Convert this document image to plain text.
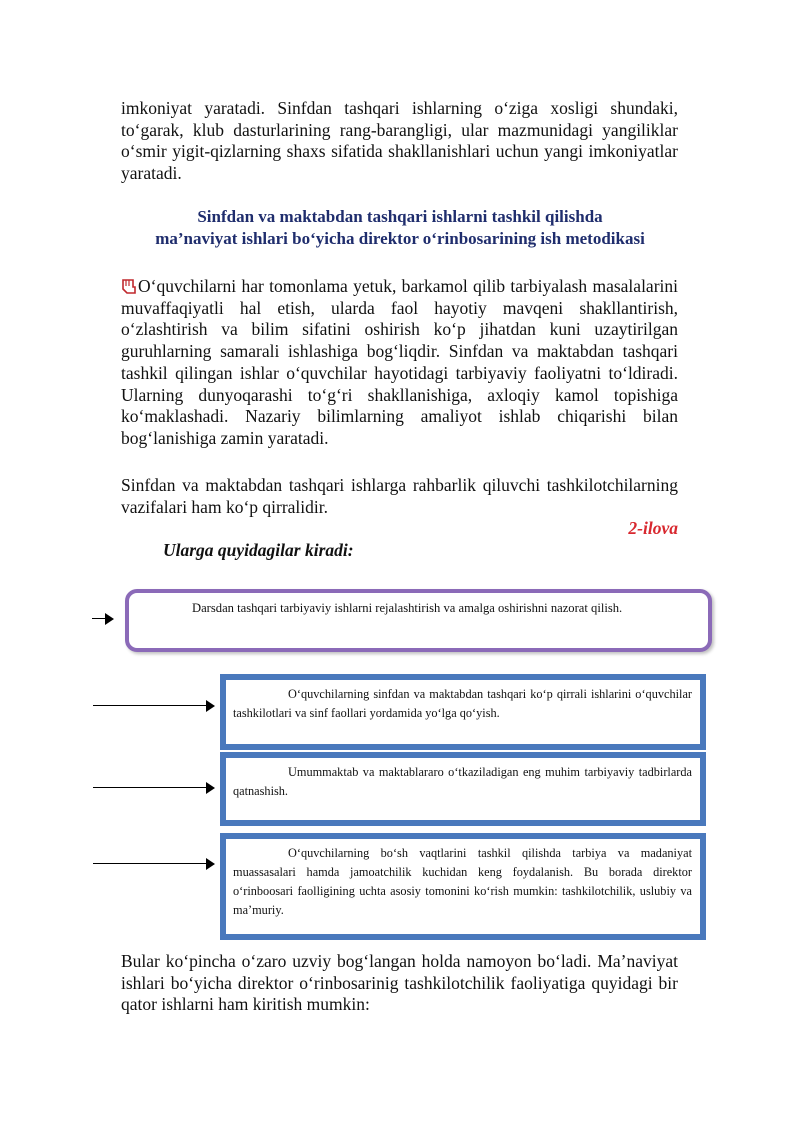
imkoniyat yaratadi. Sinfdan tashqari ishlarning o‘ziga xosligi shundaki, to‘garak, klub dasturlarining rang-barangligi, ular mazmunidagi yangiliklar o‘smir yigit-qizlarning shaxs sifatida shakllanishlari uchun yangi imkoniyatlar yaratadi.
Sinfdan va maktabdan tashqari ishlarni tashkil qilishda
ma’naviyat ishlari bo‘yicha direktor o‘rinbosarining ish metodikasi
O‘quvchilarni har tomonlama yetuk, barkamol qilib tarbiyalash masalalarini muvaffaqiyatli hal etish, ularda faol hayotiy mavqeni shakllantirish, o‘zlashtirish va bilim sifatini oshirish ko‘p jihatdan kuni uzaytirilgan guruhlarning samarali ishlashiga bog‘liqdir. Sinfdan va maktabdan tashqari tashkil qilingan ishlar o‘quvchilar hayotidagi tarbiyaviy faoliyatni to‘ldiradi. Ularning dunyoqarashi to‘g‘ri shakllanishiga, axloqiy kamol topishiga ko‘maklashadi. Nazariy bilimlarning amaliyot ishlab chiqarishi bilan bog‘lanishiga zamin yaratadi.
Sinfdan va maktabdan tashqari ishlarga rahbarlik qiluvchi tashkilotchilarning vazifalari ham ko‘p qirralidir.
2-ilova
Ularga quyidagilar kiradi:
Darsdan tashqari tarbiyaviy ishlarni rejalashtirish va amalga oshirishni nazorat qilish.
O‘quvchilarning sinfdan va maktabdan tashqari ko‘p qirrali ishlarini o‘quvchilar tashkilotlari va sinf faollari yordamida yo‘lga qo‘yish.
Umummaktab va maktablararo o‘tkaziladigan eng muhim tarbiyaviy tadbirlarda qatnashish.
O‘quvchilarning bo‘sh vaqtlarini tashkil qilishda tarbiya va madaniyat muassasalari hamda jamoatchilik kuchidan keng foydalanish. Bu borada direktor o‘rinboosari faolligining uchta asosiy tomonini ko‘rish mumkin: tashkilotchilik, uslubiy va ma’muriy.
Bular ko‘pincha o‘zaro uzviy bog‘langan holda namoyon bo‘ladi. Ma’naviyat ishlari bo‘yicha direktor o‘rinbosarinig tashkilotchilik faoliyatiga quyidagi bir qator ishlarni ham kiritish mumkin:
